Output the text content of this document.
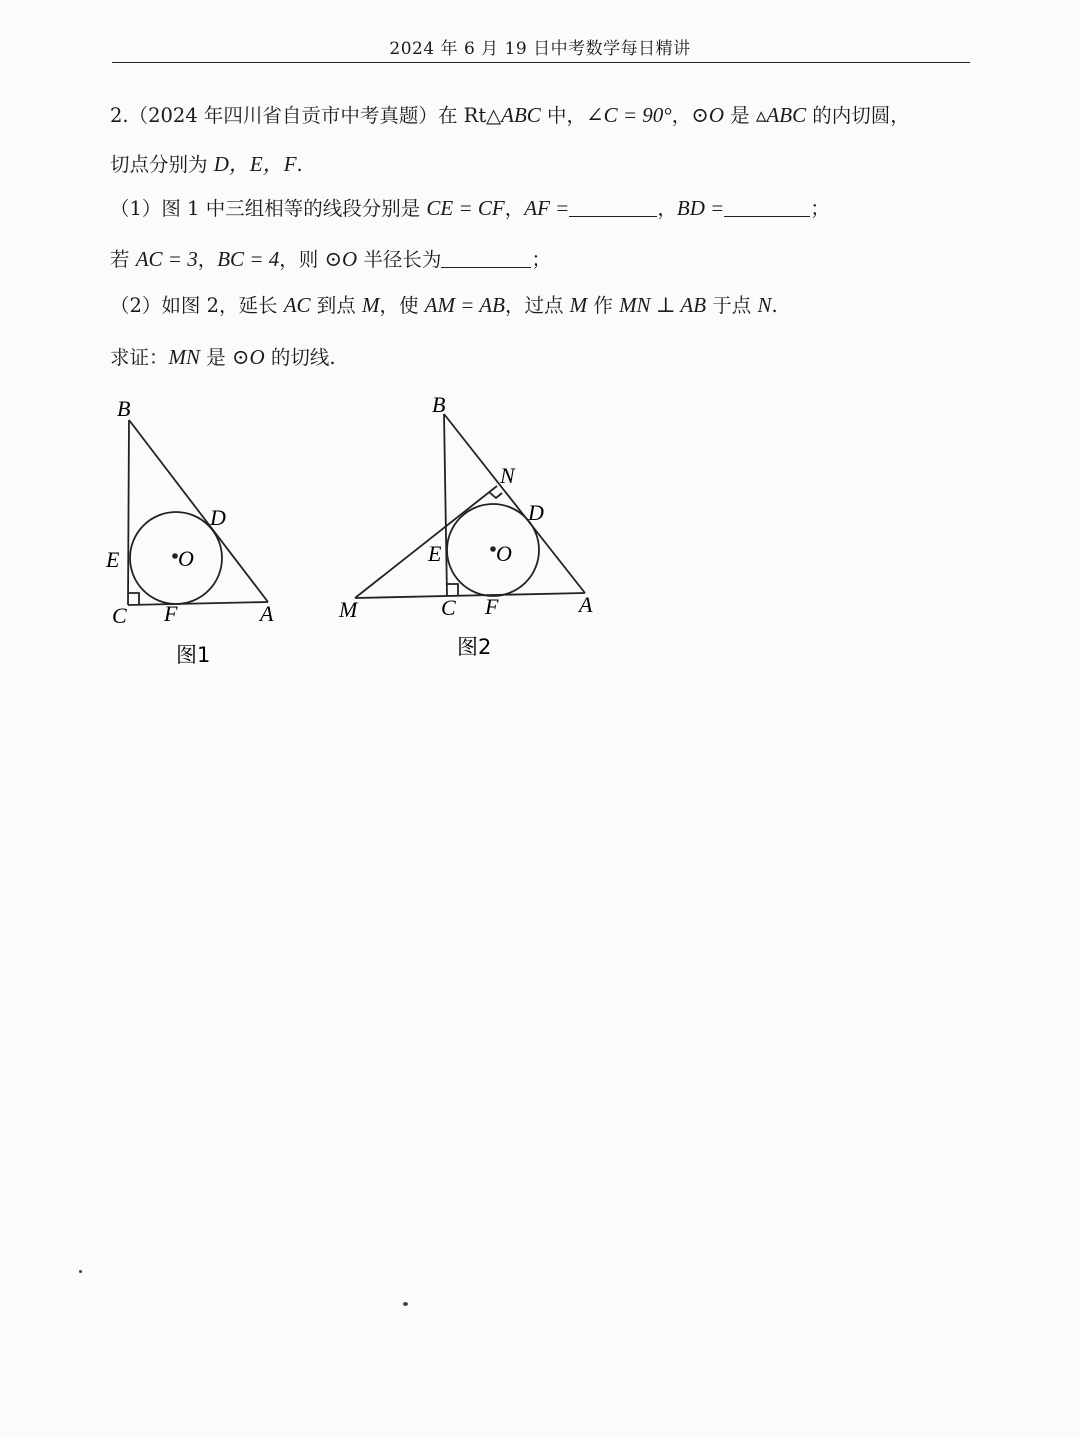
2024 年 6 月 19 日中考数学每日精讲
2.（2024 年四川省自贡市中考真题）在 Rt△ABC 中，∠C = 90°，⊙O 是 ▵ABC 的内切圆，
切点分别为 D，E，F.
（1）图 1 中三组相等的线段分别是 CE = CF，AF =	，BD =	；
若 AC = 3，BC = 4，则 ⊙O 半径长为	；
（2）如图 2，延长 AC 到点 M，使 AM = AB，过点 M 作 MN ⊥ AB 于点 N.
求证：MN 是 ⊙O 的切线.
B
D
E	O
C F	A
图1
B
N
D
E O
M	C F	A
图2
